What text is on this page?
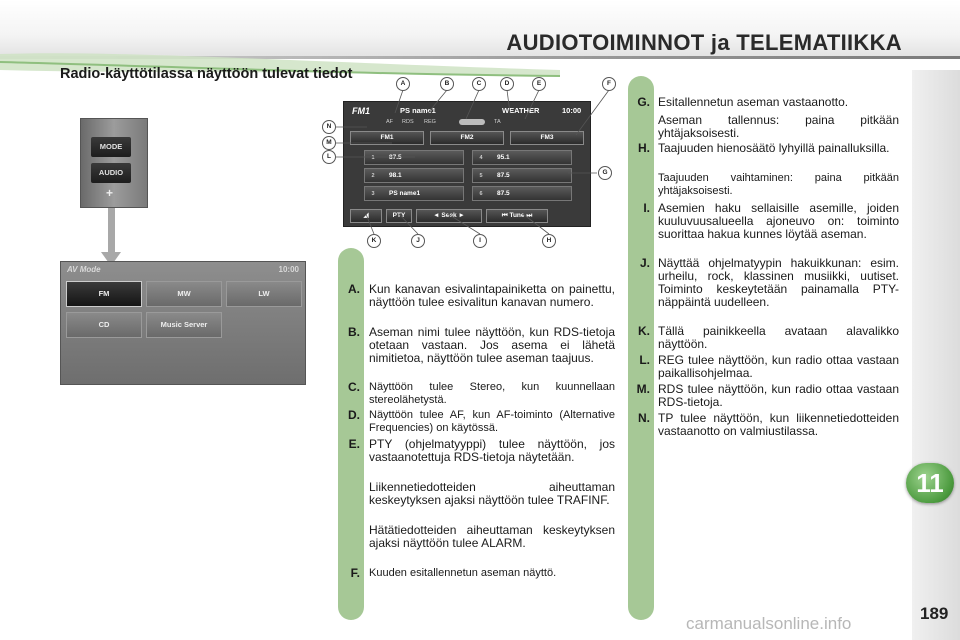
AUDIOTOIMINNOT ja TELEMATIIKKA
11
189
carmanualsonline.info
Radio-käyttötilassa näyttöön tulevat tiedot
MODE
AUDIO
+
AV Mode	10:00
FM	MW	LW
CD	Music Server
FM1	PS name1	WEATHER	10:00
AF RDS REG	TA
FM1	FM2	FM3
1 87.5
2 98.1
3 PS name1
4 95.1
5 87.5
6 87.5
◢	PTY	◄ Seek ►	⏮ Tune ⏭
A	B	C	D	E	F
N
M
L
G
K	J	I	H
A. Kun kanavan esivalintapainiketta on painettu, näyttöön tulee esivalitun kanavan numero.
B. Aseman nimi tulee näyttöön, kun RDS-tietoja otetaan vastaan. Jos asema ei lähetä nimitietoa, näyttöön tulee aseman taajuus.
C. Näyttöön tulee Stereo, kun kuunnellaan stereolähetystä.
D. Näyttöön tulee AF, kun AF-toiminto (Alternative Frequencies) on käytössä.
E. PTY (ohjelmatyyppi) tulee näyttöön, jos vastaanotettuja RDS-tietoja näytetään.
Liikennetiedotteiden aiheuttaman keskeytyksen ajaksi näyttöön tulee TRAFINF.
Hätätiedotteiden aiheuttaman keskeytyksen ajaksi näyttöön tulee ALARM.
F. Kuuden esitallennetun aseman näyttö.
G. Esitallennetun aseman vastaanotto.
Aseman tallennus: paina pitkään yhtäjaksoisesti.
H. Taajuuden hienosäätö lyhyillä painalluksilla.
Taajuuden vaihtaminen: paina pitkään yhtäjaksoisesti.
I. Asemien haku sellaisille asemille, joiden kuuluvuusalueella ajoneuvo on: toiminto suorittaa hakua kunnes löytää aseman.
J. Näyttää ohjelmatyypin hakuikkunan: esim. urheilu, rock, klassinen musiikki, uutiset. Toiminto keskeytetään painamalla PTY-näppäintä uudelleen.
K. Tällä painikkeella avataan alavalikko näyttöön.
L. REG tulee näyttöön, kun radio ottaa vastaan paikallisohjelmaa.
M. RDS tulee näyttöön, kun radio ottaa vastaan RDS-tietoja.
N. TP tulee näyttöön, kun liikennetiedotteiden vastaanotto on valmiustilassa.
